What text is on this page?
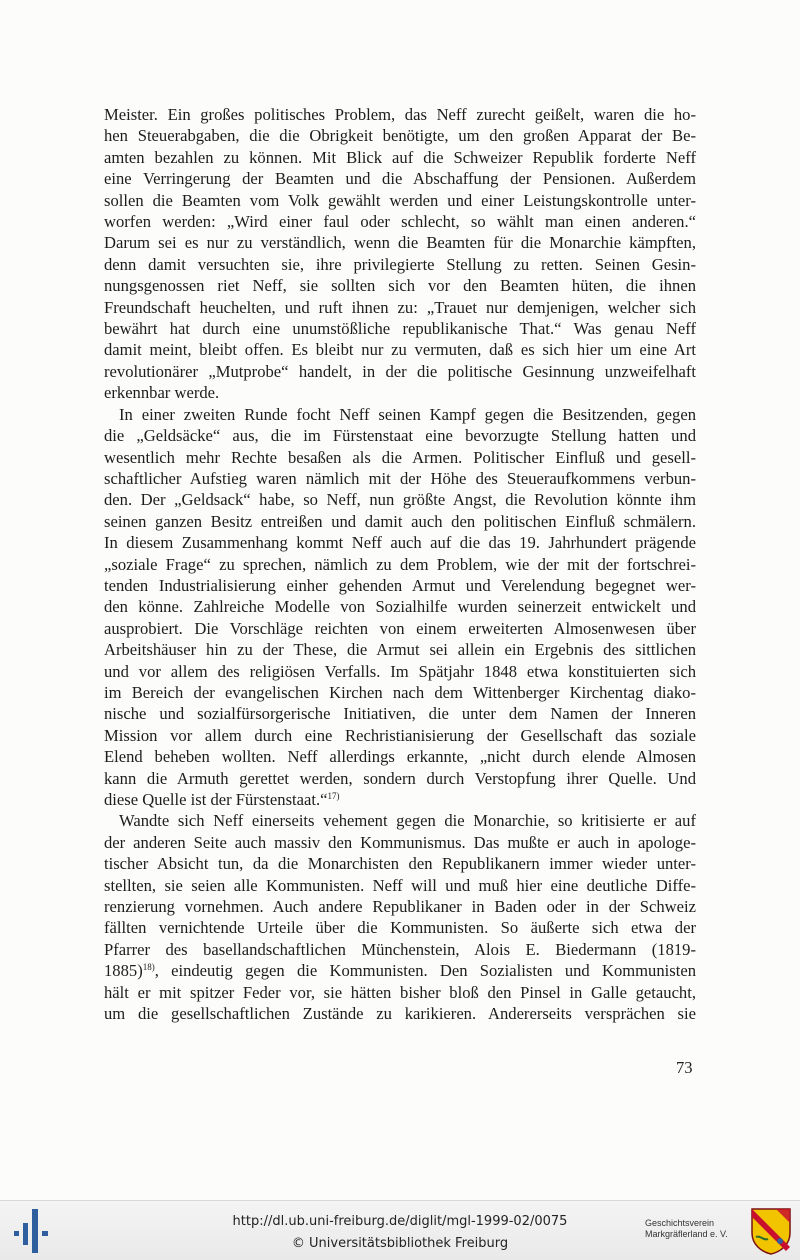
Meister. Ein großes politisches Problem, das Neff zurecht geißelt, waren die ho-
hen Steuerabgaben, die die Obrigkeit benötigte, um den großen Apparat der Be-
amten bezahlen zu können. Mit Blick auf die Schweizer Republik forderte Neff
eine Verringerung der Beamten und die Abschaffung der Pensionen. Außerdem
sollen die Beamten vom Volk gewählt werden und einer Leistungskontrolle unter-
worfen werden: „Wird einer faul oder schlecht, so wählt man einen anderen.“
Darum sei es nur zu verständlich, wenn die Beamten für die Monarchie kämpften,
denn damit versuchten sie, ihre privilegierte Stellung zu retten. Seinen Gesin-
nungsgenossen riet Neff, sie sollten sich vor den Beamten hüten, die ihnen
Freundschaft heuchelten, und ruft ihnen zu: „Trauet nur demjenigen, welcher sich
bewährt hat durch eine unumstößliche republikanische That.“ Was genau Neff
damit meint, bleibt offen. Es bleibt nur zu vermuten, daß es sich hier um eine Art
revolutionärer „Mutprobe“ handelt, in der die politische Gesinnung unzweifelhaft
erkennbar werde.

In einer zweiten Runde focht Neff seinen Kampf gegen die Besitzenden, gegen
die „Geldsäcke“ aus, die im Fürstenstaat eine bevorzugte Stellung hatten und
wesentlich mehr Rechte besaßen als die Armen. Politischer Einfluß und gesell-
schaftlicher Aufstieg waren nämlich mit der Höhe des Steueraufkommens verbun-
den. Der „Geldsack“ habe, so Neff, nun größte Angst, die Revolution könnte ihm
seinen ganzen Besitz entreißen und damit auch den politischen Einfluß schmälern.
In diesem Zusammenhang kommt Neff auch auf die das 19. Jahrhundert prägende
„soziale Frage“ zu sprechen, nämlich zu dem Problem, wie der mit der fortschrei-
tenden Industrialisierung einher gehenden Armut und Verelendung begegnet wer-
den könne. Zahlreiche Modelle von Sozialhilfe wurden seinerzeit entwickelt und
ausprobiert. Die Vorschläge reichten von einem erweiterten Almosenwesen über
Arbeitshäuser hin zu der These, die Armut sei allein ein Ergebnis des sittlichen
und vor allem des religiösen Verfalls. Im Spätjahr 1848 etwa konstituierten sich
im Bereich der evangelischen Kirchen nach dem Wittenberger Kirchentag diako-
nische und sozialfürsorgerische Initiativen, die unter dem Namen der Inneren
Mission vor allem durch eine Rechristianisierung der Gesellschaft das soziale
Elend beheben wollten. Neff allerdings erkannte, „nicht durch elende Almosen
kann die Armuth gerettet werden, sondern durch Verstopfung ihrer Quelle. Und
diese Quelle ist der Fürstenstaat.“$^{17)}$

Wandte sich Neff einerseits vehement gegen die Monarchie, so kritisierte er auf
der anderen Seite auch massiv den Kommunismus. Das mußte er auch in apologe-
tischer Absicht tun, da die Monarchisten den Republikanern immer wieder unter-
stellten, sie seien alle Kommunisten. Neff will und muß hier eine deutliche Diffe-
renzierung vornehmen. Auch andere Republikaner in Baden oder in der Schweiz
fällten vernichtende Urteile über die Kommunisten. So äußerte sich etwa der
Pfarrer des basellandschaftlichen Münchenstein, Alois E. Biedermann (1819-
1885)$^{18)}$, eindeutig gegen die Kommunisten. Den Sozialisten und Kommunisten
hält er mit spitzer Feder vor, sie hätten bisher bloß den Pinsel in Galle getaucht,
um die gesellschaftlichen Zustände zu karikieren. Andererseits versprächen sie

73
http://dl.ub.uni-freiburg.de/diglit/mgl-1999-02/0075
© Universitätsbibliothek Freiburg
Geschichtsverein
Markgräflerland e. V.
